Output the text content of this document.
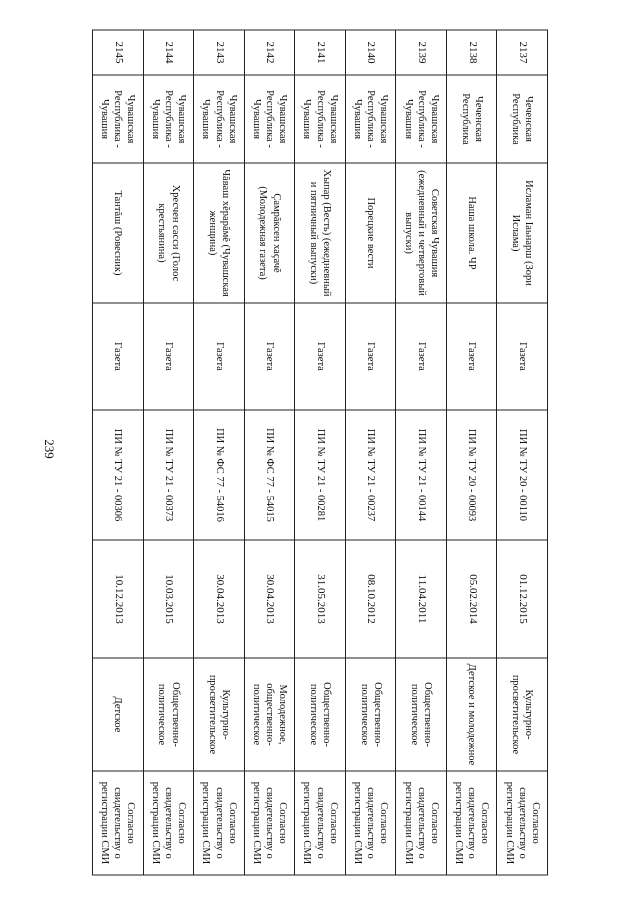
239
2137	Чеченская Республика	Исламан Iаьнарш (Зори Ислама)	Газета	ПИ № ТУ 20 - 00110	01.12.2015	Культурно-просветительское	Согласно свидетельству о регистрации СМИ
2138	Чеченская Республика	Наша школа. ЧР	Газета	ПИ № ТУ 20 - 00093	05.02.2014	Детское и молодежное	Согласно свидетельству о регистрации СМИ
2139	Чувашская Республика - Чувашия	Советская Чувашия (ежедневный и четверговый выпуски)	Газета	ПИ № ТУ 21 - 00144	11.04.2011	Общественно-политическое	Согласно свидетельству о регистрации СМИ
2140	Чувашская Республика - Чувашия	Порецкие вести	Газета	ПИ № ТУ 21 - 00237	08.10.2012	Общественно-политическое	Согласно свидетельству о регистрации СМИ
2141	Чувашская Республика - Чувашия	Хыпар (Весть) (ежедневный и пятничный выпуски)	Газета	ПИ № ТУ 21 - 00281	31.05.2013	Общественно-политическое	Согласно свидетельству о регистрации СМИ
2142	Чувашская Республика - Чувашия	Çамрăксен хаçачĕ (Молодежная газета)	Газета	ПИ № ФС 77 - 54015	30.04.2013	Молодежное, общественно-политическое	Согласно свидетельству о регистрации СМИ
2143	Чувашская Республика - Чувашия	Чăваш хĕрарăмĕ (Чувашская женщина)	Газета	ПИ № ФС 77 - 54016	30.04.2013	Культурно-просветительское	Согласно свидетельству о регистрации СМИ
2144	Чувашская Республика - Чувашия	Хресчен сасси (Голос крестьянина)	Газета	ПИ № ТУ 21 - 00373	10.03.2015	Общественно-политическое	Согласно свидетельству о регистрации СМИ
2145	Чувашская Республика - Чувашия	Тантăш (Ровесник)	Газета	ПИ № ТУ 21 - 00306	10.12.2013	Детское	Согласно свидетельству о регистрации СМИ
